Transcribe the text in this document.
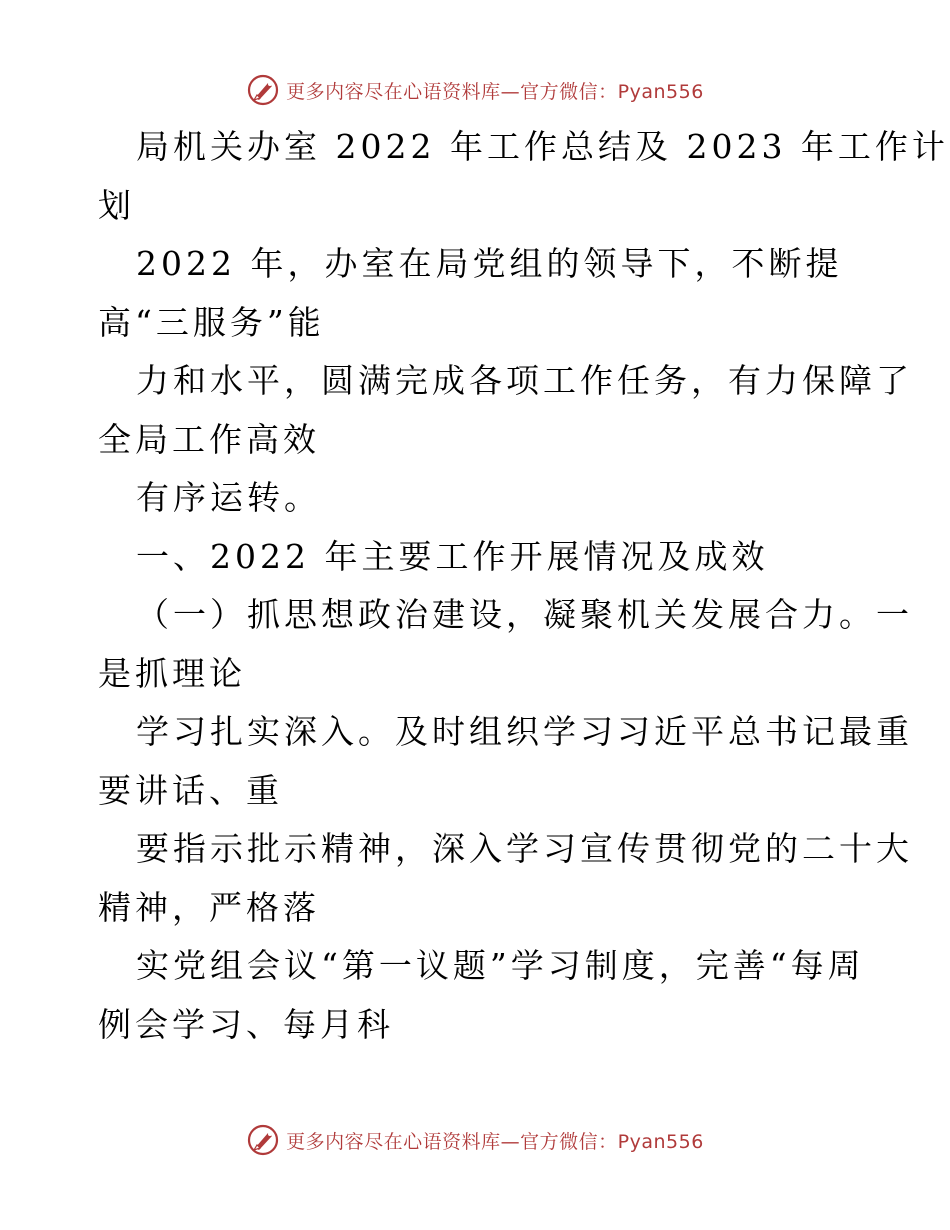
更多内容尽在心语资料库—官方微信：Pyan556
局机关办室 2022 年工作总结及 2023 年工作计
划
2022 年，办室在局党组的领导下，不断提
高“三服务”能
力和水平，圆满完成各项工作任务，有力保障了
全局工作高效
有序运转。
一、2022 年主要工作开展情况及成效
（一）抓思想政治建设，凝聚机关发展合力。一
是抓理论
学习扎实深入。及时组织学习习近平总书记最重
要讲话、重
要指示批示精神，深入学习宣传贯彻党的二十大
精神，严格落
实党组会议“第一议题”学习制度，完善“每周
例会学习、每月科
更多内容尽在心语资料库—官方微信：Pyan556
